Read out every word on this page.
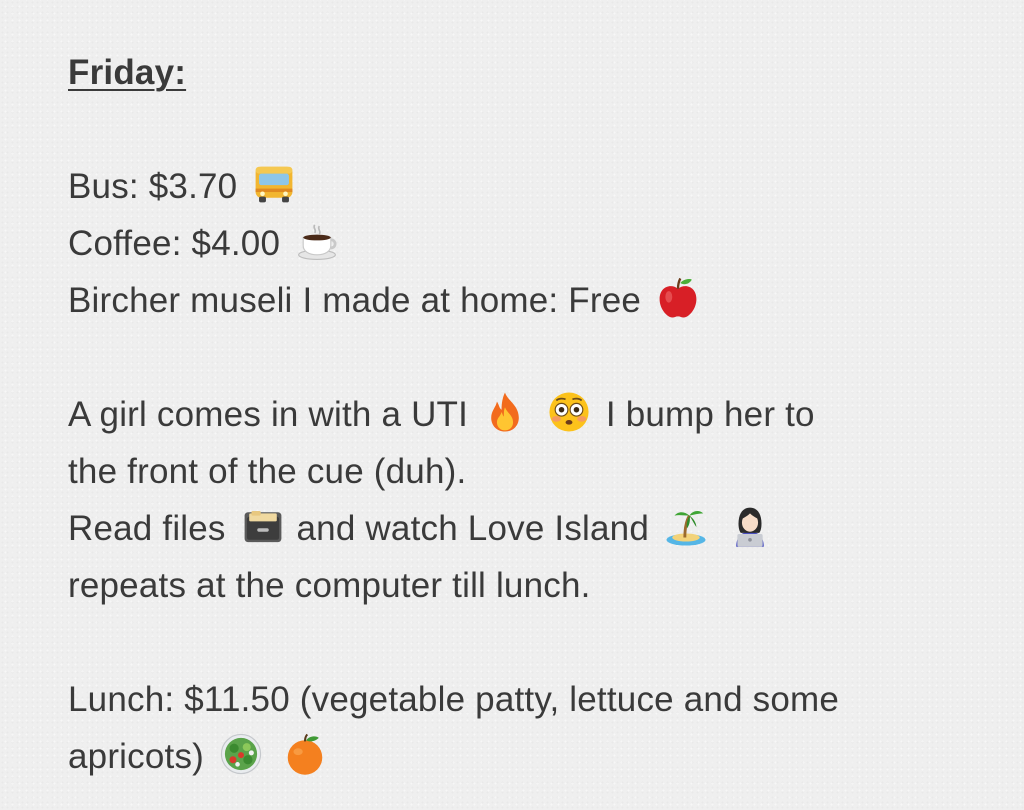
Friday:
Bus: $3.70
Coffee: $4.00
Bircher museli I made at home: Free
A girl comes in with a UTI
	I bump her to
the front of the cue (duh).
Read files and watch Love Island

repeats at the computer till lunch.
Lunch: $11.50 (vegetable patty, lettuce and some
apricots)
